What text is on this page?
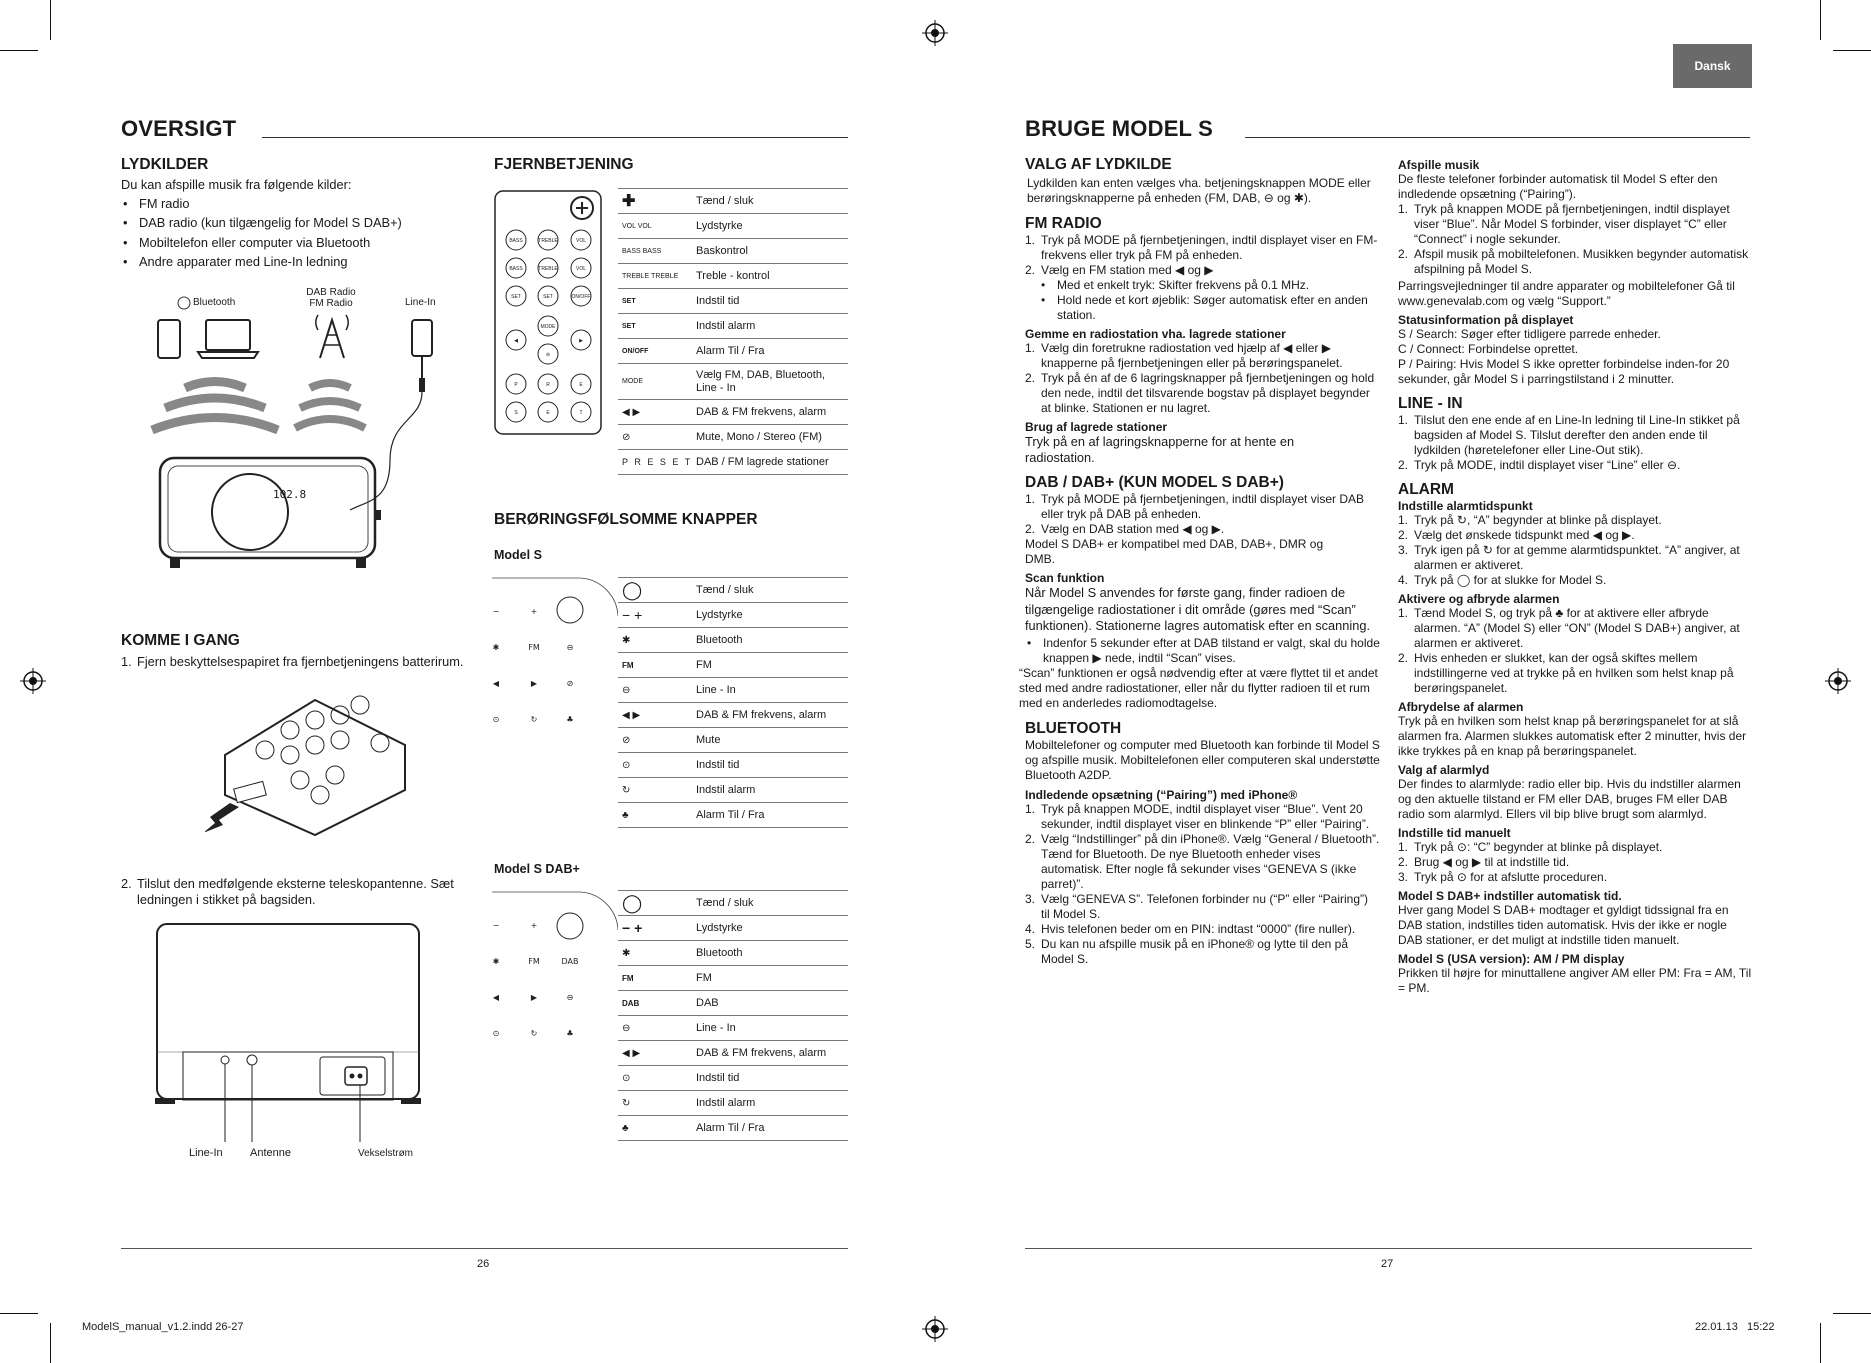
Dansk
OVERSIGT
LYDKILDER
Du kan afspille musik fra følgende kilder:
• FM radio
• DAB radio (kun tilgængelig for Model S DAB+)
• Mobiltelefon eller computer via Bluetooth
• Andre apparater med Line-In ledning
Bluetooth
DAB Radio
FM Radio	Line-In
102.8
KOMME I GANG
1. Fjern beskyttelsespapiret fra fjernbetjeningens batterirum.
2. Tilslut den medfølgende eksterne teleskopantenne. Sæt ledningen i stikket på bagsiden.
Line-In Antenne	Vekselstrøm
FJERNBETJENING
BASS	TREBLE	VOL
BASS	TREBLE	VOL
SET	SET	ON/OFF
◀
MODE
▶
⊘
P	R	E
S	E	T
✚	Tænd / sluk
VOL VOL	Lydstyrke
BASS BASS	Baskontrol
TREBLE TREBLE	Treble - kontrol
SET	Indstil tid
SET	Indstil alarm
ON/OFF	Alarm Til / Fra
MODE	Vælg FM, DAB, Bluetooth, Line - In
◀ ▶	DAB & FM frekvens, alarm
⊘	Mute, Mono / Stereo (FM)
P R E S E T	DAB / FM lagrede stationer
BERØRINGSFØLSOMME KNAPPER
Model S
−	+
✱	FM	⊖
◀	▶	⊘
⊙	↻	♣
◯	Tænd / sluk
− +	Lydstyrke
✱	Bluetooth
FM	FM
⊖	Line - In
◀ ▶	DAB & FM frekvens, alarm
⊘	Mute
⊙	Indstil tid
↻	Indstil alarm
♣	Alarm Til / Fra
Model S DAB+
−	+
✱	FM	DAB
◀	▶	⊖
⊙	↻	♣
◯	Tænd / sluk
− +	Lydstyrke
✱	Bluetooth
FM	FM
DAB	DAB
⊖	Line - In
◀ ▶	DAB & FM frekvens, alarm
⊙	Indstil tid
↻	Indstil alarm
♣	Alarm Til / Fra
26
BRUGE MODEL S
VALG AF LYDKILDE
Lydkilden kan enten vælges vha. betjeningsknappen MODE eller berøringsknapperne på enheden (FM, DAB, ⊖ og ✱).
FM RADIO
1. Tryk på MODE på fjernbetjeningen, indtil displayet viser en FM-frekvens eller tryk på FM på enheden.
2. Vælg en FM station med ◀ og ▶
• Med et enkelt tryk: Skifter frekvens på 0.1 MHz.
• Hold nede et kort øjeblik: Søger automatisk efter en anden station.
Gemme en radiostation vha. lagrede stationer
1. Vælg din foretrukne radiostation ved hjælp af ◀ eller ▶ knapperne på fjernbetjeningen eller på berøringspanelet.
2. Tryk på én af de 6 lagringsknapper på fjernbetjeningen og hold den nede, indtil det tilsvarende bogstav på displayet begynder at blinke. Stationen er nu lagret.
Brug af lagrede stationer
Tryk på en af lagringsknapperne for at hente en radiostation.
DAB / DAB+ (KUN MODEL S DAB+)
1. Tryk på MODE på fjernbetjeningen, indtil displayet viser DAB eller tryk på DAB på enheden.
2. Vælg en DAB station med ◀ og ▶.
Model S DAB+ er kompatibel med DAB, DAB+, DMR og DMB.
Scan funktion
Når Model S anvendes for første gang, finder radioen de tilgængelige radiostationer i dit område (gøres med “Scan” funktionen). Stationerne lagres automatisk efter en scanning.
• Indenfor 5 sekunder efter at DAB tilstand er valgt, skal du holde knappen ▶ nede, indtil “Scan” vises.
“Scan” funktionen er også nødvendig efter at være flyttet til et andet sted med andre radiostationer, eller når du flytter radioen til et rum med en anderledes radiomodtagelse.
BLUETOOTH
Mobiltelefoner og computer med Bluetooth kan forbinde til Model S og afspille musik. Mobiltelefonen eller computeren skal understøtte Bluetooth A2DP.
Indledende opsætning (“Pairing”) med iPhone®
1. Tryk på knappen MODE, indtil displayet viser “Blue”. Vent 20 sekunder, indtil displayet viser en blinkende “P” eller “Pairing”.
2. Vælg “Indstillinger” på din iPhone®. Vælg “General / Bluetooth”. Tænd for Bluetooth. De nye Bluetooth enheder vises automatisk. Efter nogle få sekunder vises “GENEVA S (ikke parret)”.
3. Vælg “GENEVA S”. Telefonen forbinder nu (“P” eller “Pairing”) til Model S.
4. Hvis telefonen beder om en PIN: indtast “0000” (fire nuller).
5. Du kan nu afspille musik på en iPhone® og lytte til den på Model S.
Afspille musik
De fleste telefoner forbinder automatisk til Model S efter den indledende opsætning (“Pairing”).
1. Tryk på knappen MODE på fjernbetjeningen, indtil displayet viser “Blue”. Når Model S forbinder, viser displayet “C” eller “Connect” i nogle sekunder.
2. Afspil musik på mobiltelefonen. Musikken begynder automatisk afspilning på Model S.
Parringsvejledninger til andre apparater og mobiltelefoner Gå til www.genevalab.com og vælg “Support.”
Statusinformation på displayet
S / Search: Søger efter tidligere parrede enheder.
C / Connect: Forbindelse oprettet.
P / Pairing: Hvis Model S ikke opretter forbindelse inden-for 20 sekunder, går Model S i parringstilstand i 2 minutter.
LINE - IN
1. Tilslut den ene ende af en Line-In ledning til Line-In stikket på bagsiden af Model S. Tilslut derefter den anden ende til lydkilden (høretelefoner eller Line-Out stik).
2. Tryk på MODE, indtil displayet viser “Line” eller ⊖.
ALARM
Indstille alarmtidspunkt
1. Tryk på ↻, “A” begynder at blinke på displayet.
2. Vælg det ønskede tidspunkt med ◀ og ▶.
3. Tryk igen på ↻ for at gemme alarmtidspunktet. “A” angiver, at alarmen er aktiveret.
4. Tryk på ◯ for at slukke for Model S.
Aktivere og afbryde alarmen
1. Tænd Model S, og tryk på ♣ for at aktivere eller afbryde alarmen. “A” (Model S) eller “ON” (Model S DAB+) angiver, at alarmen er aktiveret.
2. Hvis enheden er slukket, kan der også skiftes mellem indstillingerne ved at trykke på en hvilken som helst knap på berøringspanelet.
Afbrydelse af alarmen
Tryk på en hvilken som helst knap på berøringspanelet for at slå alarmen fra. Alarmen slukkes automatisk efter 2 minutter, hvis der ikke trykkes på en knap på berøringspanelet.
Valg af alarmlyd
Der findes to alarmlyde: radio eller bip. Hvis du indstiller alarmen og den aktuelle tilstand er FM eller DAB, bruges FM eller DAB radio som alarmlyd. Ellers vil bip blive brugt som alarmlyd.
Indstille tid manuelt
1. Tryk på ⊙: “C” begynder at blinke på displayet.
2. Brug ◀ og ▶ til at indstille tid.
3. Tryk på ⊙ for at afslutte proceduren.
Model S DAB+ indstiller automatisk tid.
Hver gang Model S DAB+ modtager et gyldigt tidssignal fra en DAB station, indstilles tiden automatisk. Hvis der ikke er nogle DAB stationer, er det muligt at indstille tiden manuelt.
Model S (USA version): AM / PM display
Prikken til højre for minuttallene angiver AM eller PM: Fra = AM, Til = PM.
27
ModelS_manual_v1.2.indd 26-27	22.01.13   15:22
